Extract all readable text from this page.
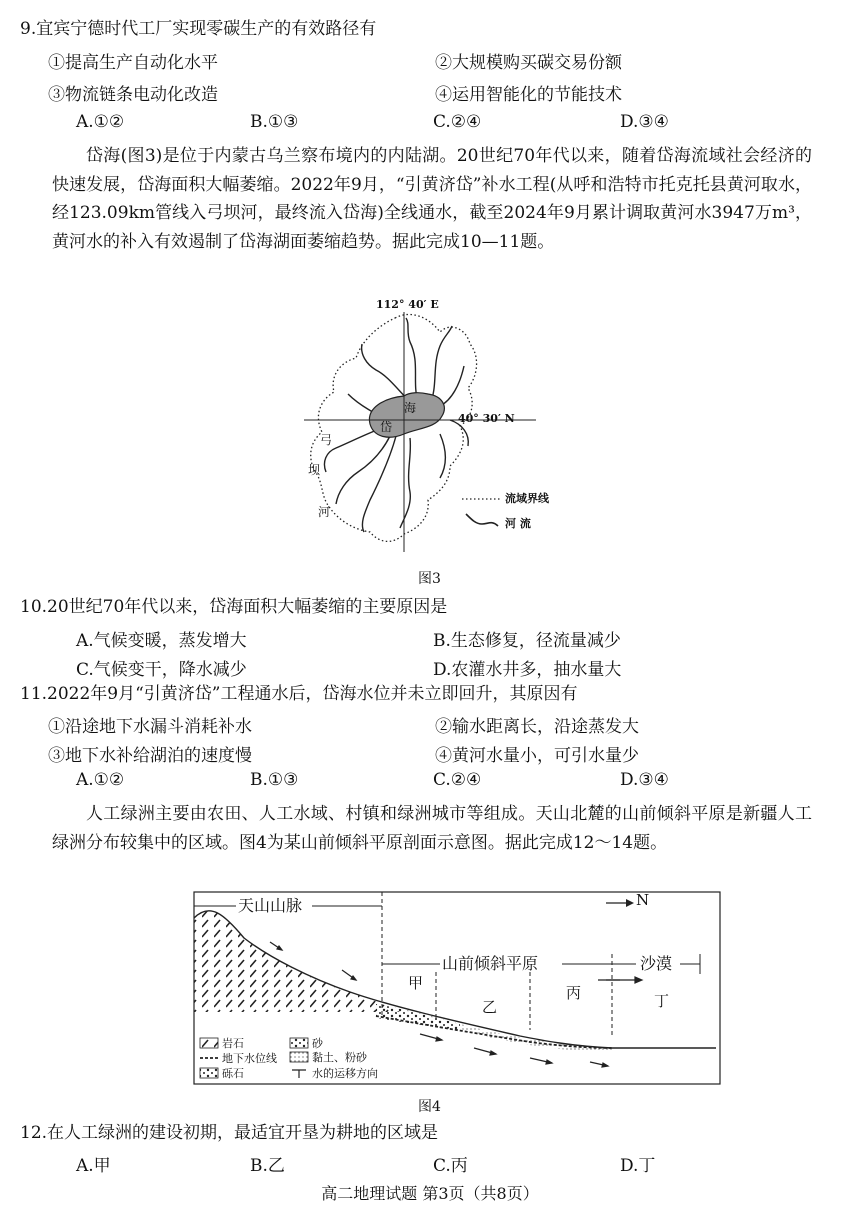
9.宜宾宁德时代工厂实现零碳生产的有效路径有
①提高生产自动化水平	②大规模购买碳交易份额
③物流链条电动化改造	④运用智能化的节能技术
A.①②	B.①③	C.②④	D.③④
岱海(图3)是位于内蒙古乌兰察布境内的内陆湖。20世纪70年代以来，随着岱海流域社会经济的快速发展，岱海面积大幅萎缩。2022年9月，“引黄济岱”补水工程(从呼和浩特市托克托县黄河取水，经123.09km管线入弓坝河，最终流入岱海)全线通水，截至2024年9月累计调取黄河水3947万m³，黄河水的补入有效遏制了岱海湖面萎缩趋势。据此完成10—11题。
112° 40′ E
海
岱
弓
坝
河
40° 30′ N
流域界线
河 流
图3
10.20世纪70年代以来，岱海面积大幅萎缩的主要原因是
A.气候变暖，蒸发增大	B.生态修复，径流量减少
C.气候变干，降水减少	D.农灌水井多，抽水量大
11.2022年9月“引黄济岱”工程通水后，岱海水位并未立即回升，其原因有
①沿途地下水漏斗消耗补水	②输水距离长，沿途蒸发大
③地下水补给湖泊的速度慢	④黄河水量小，可引水量少
A.①②	B.①③	C.②④	D.③④
人工绿洲主要由农田、人工水域、村镇和绿洲城市等组成。天山北麓的山前倾斜平原是新疆人工绿洲分布较集中的区域。图4为某山前倾斜平原剖面示意图。据此完成12～14题。
岩石	砂
地下水位线	黏土、粉砂
砾石	水的运移方向
天山山脉
山前倾斜平原	沙漠
N
甲
乙
丙	丁
图4
12.在人工绿洲的建设初期，最适宜开垦为耕地的区域是
A.甲	B.乙	C.丙	D.丁
高二地理试题 第3页（共8页）
